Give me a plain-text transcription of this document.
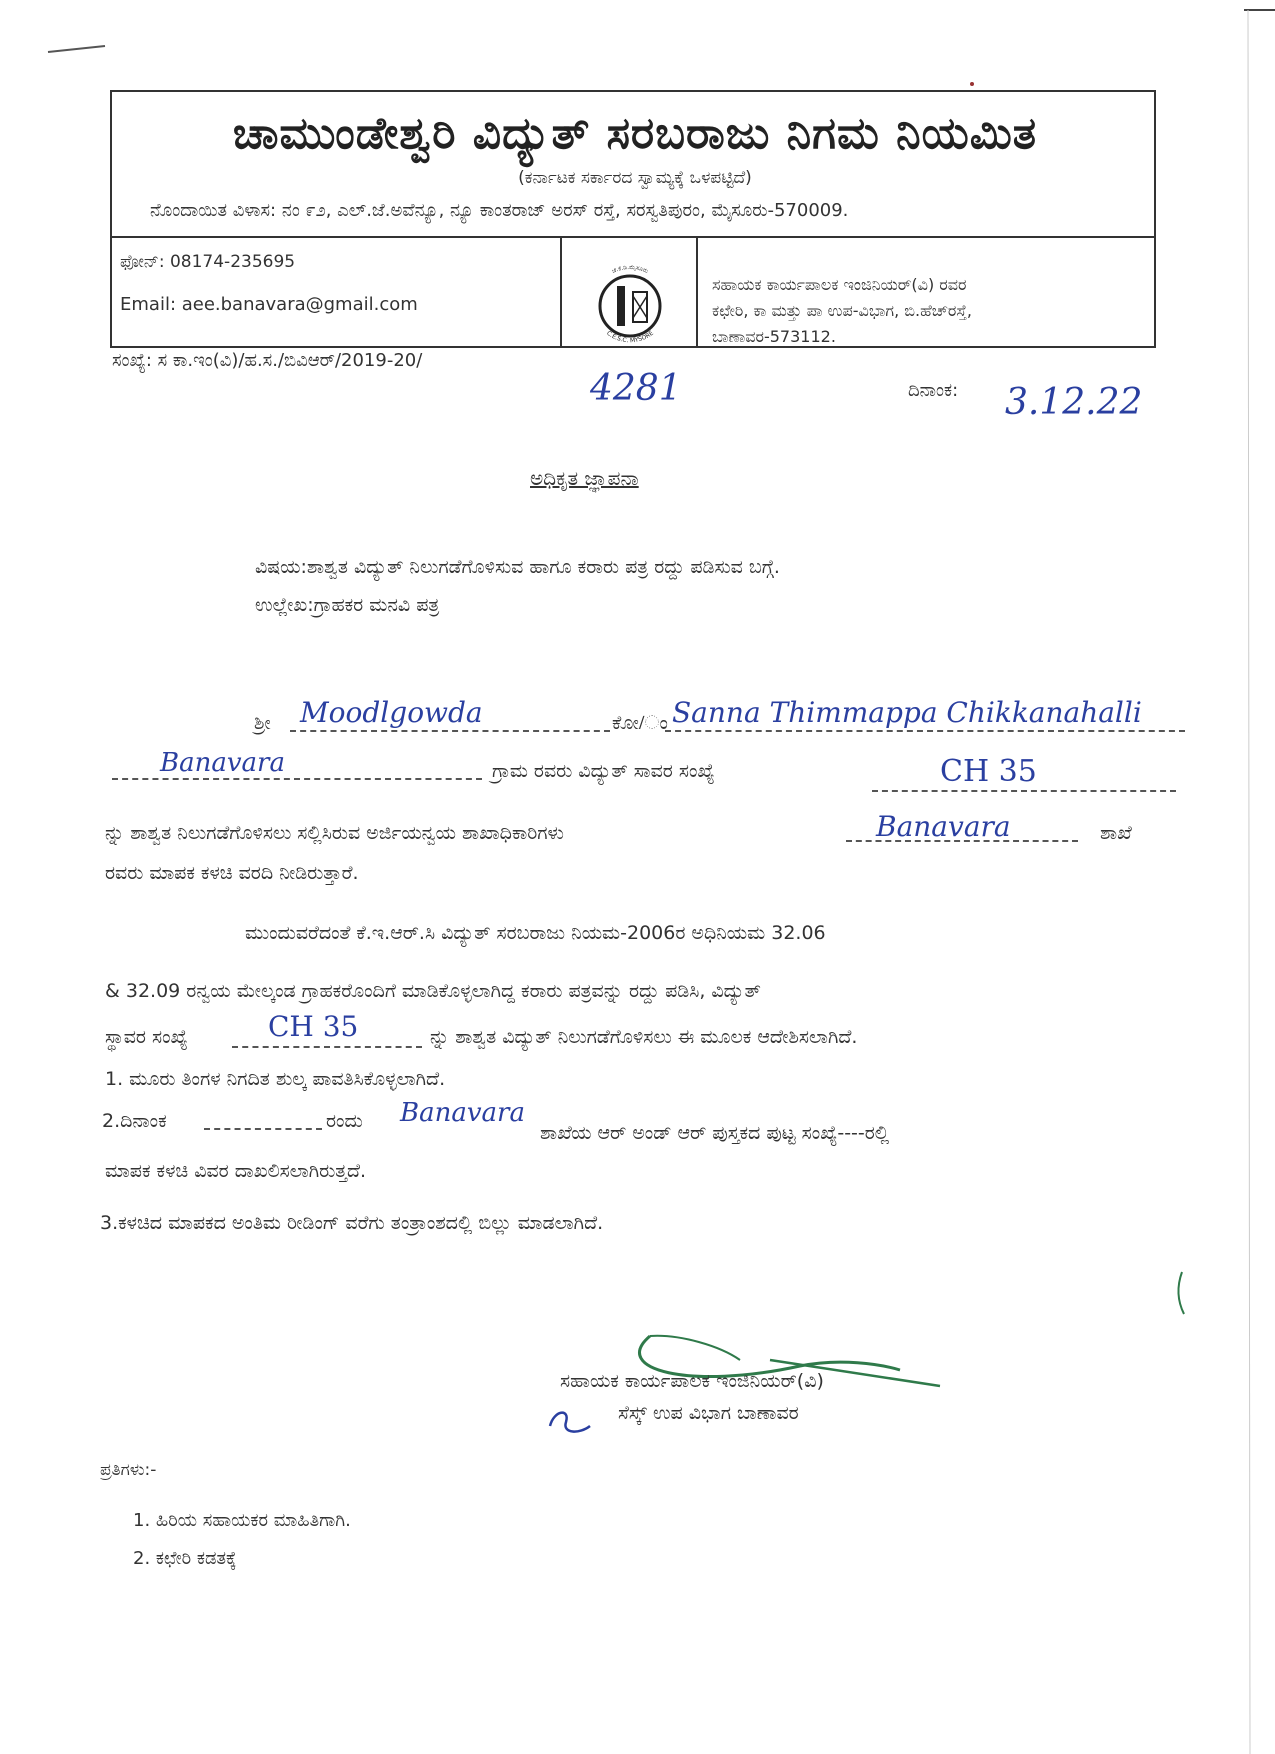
ಚಾಮುಂಡೇಶ್ವರಿ ವಿದ್ಯುತ್ ಸರಬರಾಜು ನಿಗಮ ನಿಯಮಿತ
(ಕರ್ನಾಟಕ ಸರ್ಕಾರದ ಸ್ವಾಮ್ಯಕ್ಕೆ ಒಳಪಟ್ಟಿದೆ)
ನೊಂದಾಯಿತ ವಿಳಾಸ: ನಂ ೯೨, ಎಲ್.ಜೆ.ಅವೆನ್ಯೂ, ನ್ಯೂ ಕಾಂತರಾಜ್ ಅರಸ್ ರಸ್ತೆ, ಸರಸ್ವತಿಪುರಂ, ಮೈಸೂರು-570009.
ಫೋನ್: 08174-235695
Email: aee.banavara@gmail.com
ಚೆ.ಕೆ.ಡಿ.ಮೈಸೂರು
C.E.S.C. MYSORE
ಸಹಾಯಕ ಕಾರ್ಯಪಾಲಕ ಇಂಜಿನಿಯರ್(ವಿ) ರವರ
ಕಛೇರಿ, ಕಾ ಮತ್ತು ಪಾ ಉಪ-ವಿಭಾಗ, ಬಿ.ಹೆಚ್‌ರಸ್ತೆ,
ಬಾಣಾವರ-573112.
ಸಂಖ್ಯೆ: ಸ ಕಾ.ಇಂ(ವಿ)/ಹ.ಸ./ಬಿವಿಆರ್/2019-20/
4281	ದಿನಾಂಕ: 3.12.22
ಅಧಿಕೃತ ಜ್ಞಾಪನಾ
ವಿಷಯ:ಶಾಶ್ವತ ವಿದ್ಯುತ್ ನಿಲುಗಡೆಗೊಳಿಸುವ ಹಾಗೂ ಕರಾರು ಪತ್ರ ರದ್ದು ಪಡಿಸುವ ಬಗ್ಗೆ.
ಉಲ್ಲೇಖ:ಗ್ರಾಹಕರ ಮನವಿ ಪತ್ರ
ಶ್ರೀ Moodlgowda	ಕೋ/ಂ Sanna Thimmappa Chikkanahalli
Banavara	ಗ್ರಾಮ ರವರು ವಿದ್ಯುತ್ ಸಾವರ ಸಂಖ್ಯೆ	CH 35
ನ್ನು ಶಾಶ್ವತ ನಿಲುಗಡೆಗೊಳಿಸಲು ಸಲ್ಲಿಸಿರುವ ಅರ್ಜಿಯನ್ವಯ ಶಾಖಾಧಿಕಾರಿಗಳು	Banavara	ಶಾಖೆ
ರವರು ಮಾಪಕ ಕಳಚಿ ವರದಿ ನೀಡಿರುತ್ತಾರೆ.
ಮುಂದುವರೆದಂತೆ ಕೆ.ಇ.ಆರ್.ಸಿ ವಿದ್ಯುತ್ ಸರಬರಾಜು ನಿಯಮ-2006ರ ಅಧಿನಿಯಮ 32.06
& 32.09 ರನ್ವಯ ಮೇಲ್ಕಂಡ ಗ್ರಾಹಕರೊಂದಿಗೆ ಮಾಡಿಕೊಳ್ಳಲಾಗಿದ್ದ ಕರಾರು ಪತ್ರವನ್ನು ರದ್ದು ಪಡಿಸಿ, ವಿದ್ಯುತ್
ಸ್ಥಾವರ ಸಂಖ್ಯೆ	CH 35	ನ್ನು ಶಾಶ್ವತ ವಿದ್ಯುತ್ ನಿಲುಗಡೆಗೊಳಿಸಲು ಈ ಮೂಲಕ ಆದೇಶಿಸಲಾಗಿದೆ.
1. ಮೂರು ತಿಂಗಳ ನಿಗದಿತ ಶುಲ್ಕ ಪಾವತಿಸಿಕೊಳ್ಳಲಾಗಿದೆ.
2.ದಿನಾಂಕ	ರಂದು Banavara
ಶಾಖೆಯ ಆರ್ ಅಂಡ್ ಆರ್ ಪುಸ್ತಕದ ಪುಟ್ಟ ಸಂಖ್ಯೆ----ರಲ್ಲಿ
ಮಾಪಕ ಕಳಚಿ ವಿವರ ದಾಖಲಿಸಲಾಗಿರುತ್ತದೆ.
3.ಕಳಚಿದ ಮಾಪಕದ ಅಂತಿಮ ರೀಡಿಂಗ್ ವರೆಗು ತಂತ್ರಾಂಶದಲ್ಲಿ ಬಿಲ್ಲು ಮಾಡಲಾಗಿದೆ.
ಸಹಾಯಕ ಕಾರ್ಯಪಾಲಕ ಇಂಜಿನಿಯರ್(ವಿ)
ಸೆಸ್ಕ್ ಉಪ ವಿಭಾಗ ಬಾಣಾವರ
ಪ್ರತಿಗಳು:-
1. ಹಿರಿಯ ಸಹಾಯಕರ ಮಾಹಿತಿಗಾಗಿ.
2. ಕಛೇರಿ ಕಡತಕ್ಕೆ
